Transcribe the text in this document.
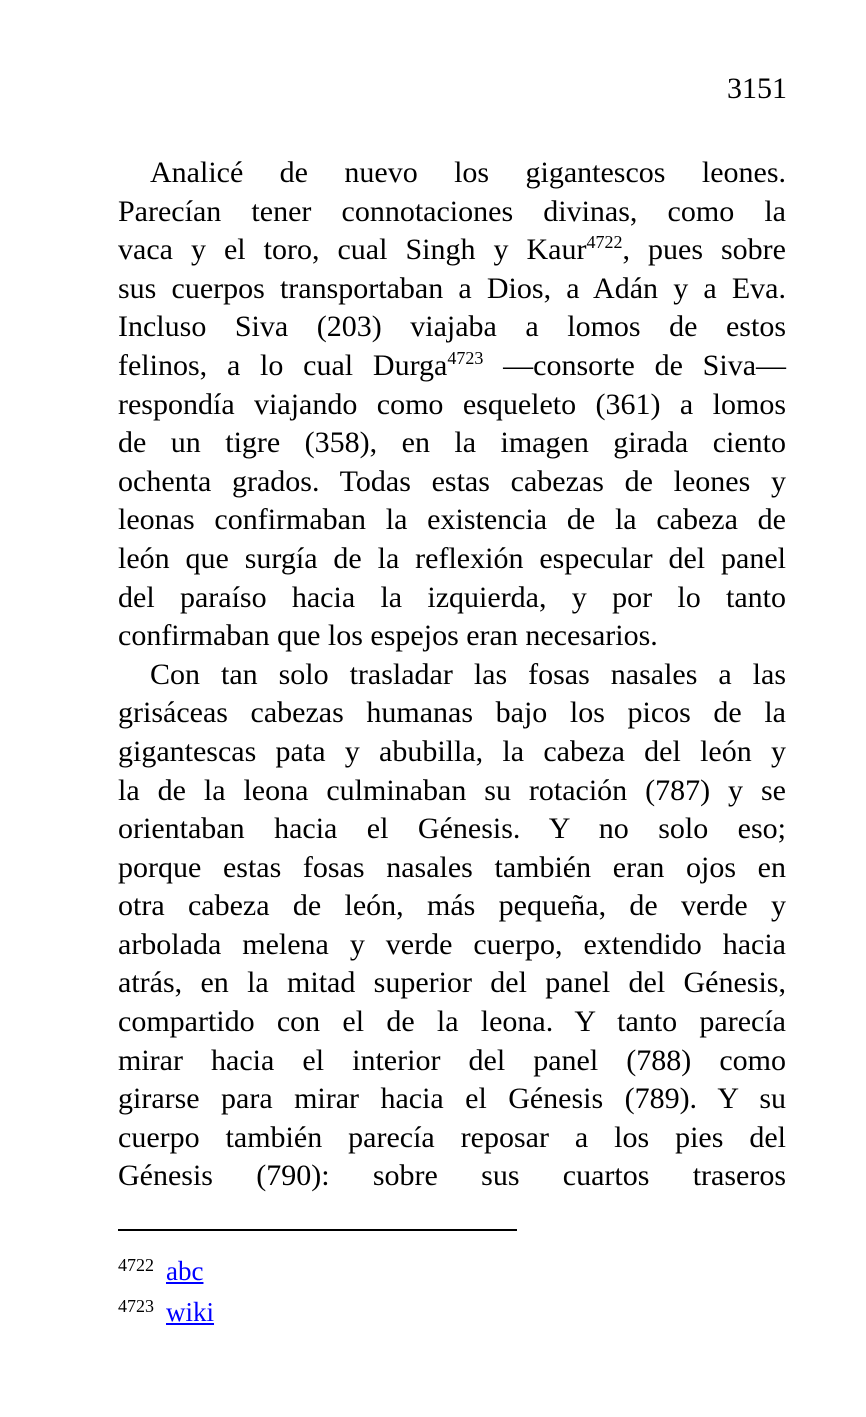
3151
Analicé de nuevo los gigantescos leones.
Parecían tener connotaciones divinas, como la
vaca y el toro, cual Singh y Kaur$^{4722}$, pues sobre
sus cuerpos transportaban a Dios, a Adán y a Eva.
Incluso Siva (203) viajaba a lomos de estos
felinos, a lo cual Durga$^{4723}$ —consorte de Siva—
respondía viajando como esqueleto (361) a lomos
de un tigre (358), en la imagen girada ciento
ochenta grados. Todas estas cabezas de leones y
leonas confirmaban la existencia de la cabeza de
león que surgía de la reflexión especular del panel
del paraíso hacia la izquierda, y por lo tanto
confirmaban que los espejos eran necesarios.
Con tan solo trasladar las fosas nasales a las
grisáceas cabezas humanas bajo los picos de la
gigantescas pata y abubilla, la cabeza del león y
la de la leona culminaban su rotación (787) y se
orientaban hacia el Génesis. Y no solo eso;
porque estas fosas nasales también eran ojos en
otra cabeza de león, más pequeña, de verde y
arbolada melena y verde cuerpo, extendido hacia
atrás, en la mitad superior del panel del Génesis,
compartido con el de la leona. Y tanto parecía
mirar hacia el interior del panel (788) como
girarse para mirar hacia el Génesis (789). Y su
cuerpo también parecía reposar a los pies del
Génesis (790): sobre sus cuartos traseros
4722 abc
4723 wiki
